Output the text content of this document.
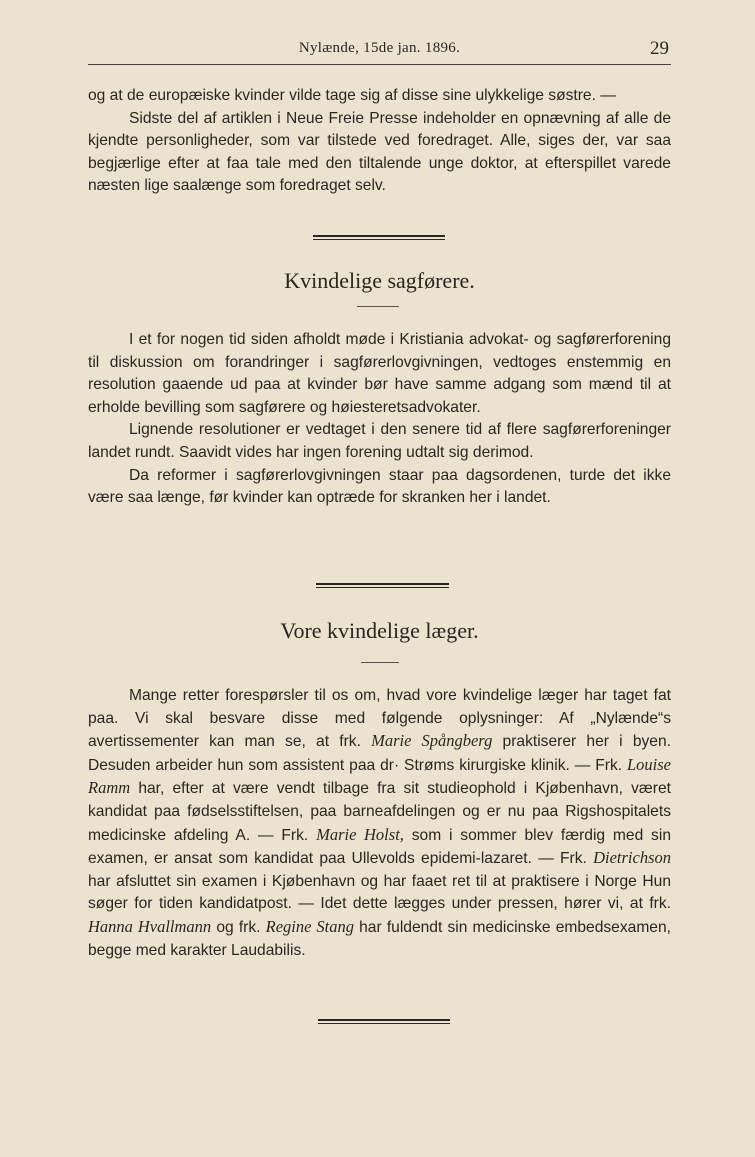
Nylænde, 15de jan. 1896.	29

og at de europæiske kvinder vilde tage sig af disse sine ulykkelige søstre. —

Sidste del af artiklen i Neue Freie Presse indeholder en opnævning af alle de kjendte personligheder, som var tilstede ved foredraget. Alle, siges der, var saa begjærlige efter at faa tale med den tiltalende unge doktor, at efterspillet varede næsten lige saalænge som foredraget selv.

Kvindelige sagførere.

I et for nogen tid siden afholdt møde i Kristiania advokat- og sagførerforening til diskussion om forandringer i sagførerlovgivningen, vedtoges enstemmig en resolution gaaende ud paa at kvinder bør have samme adgang som mænd til at erholde bevilling som sagførere og høiesteretsadvokater.

Lignende resolutioner er vedtaget i den senere tid af flere sagførerforeninger landet rundt. Saavidt vides har ingen forening udtalt sig derimod.

Da reformer i sagførerlovgivningen staar paa dagsordenen, turde det ikke være saa længe, før kvinder kan optræde for skranken her i landet.

Vore kvindelige læger.

Mange retter forespørsler til os om, hvad vore kvindelige læger har taget fat paa. Vi skal besvare disse med følgende oplysninger: Af „Nylænde“s avertissementer kan man se, at frk. Marie Spångberg praktiserer her i byen. Desuden arbeider hun som assistent paa dr· Strøms kirurgiske klinik. — Frk. Louise Ramm har, efter at være vendt tilbage fra sit studieophold i Kjøbenhavn, været kandidat paa fødselsstiftelsen, paa barneafdelingen og er nu paa Rigshospitalets medicinske afdeling A. — Frk. Marie Holst, som i sommer blev færdig med sin examen, er ansat som kandidat paa Ullevolds epidemi-lazaret. — Frk. Dietrichson har afsluttet sin examen i Kjøbenhavn og har faaet ret til at praktisere i Norge Hun søger for tiden kandidatpost. — Idet dette lægges under pressen, hører vi, at frk. Hanna Hvallmann og frk. Regine Stang har fuldendt sin medicinske embedsexamen, begge med karakter Laudabilis.
